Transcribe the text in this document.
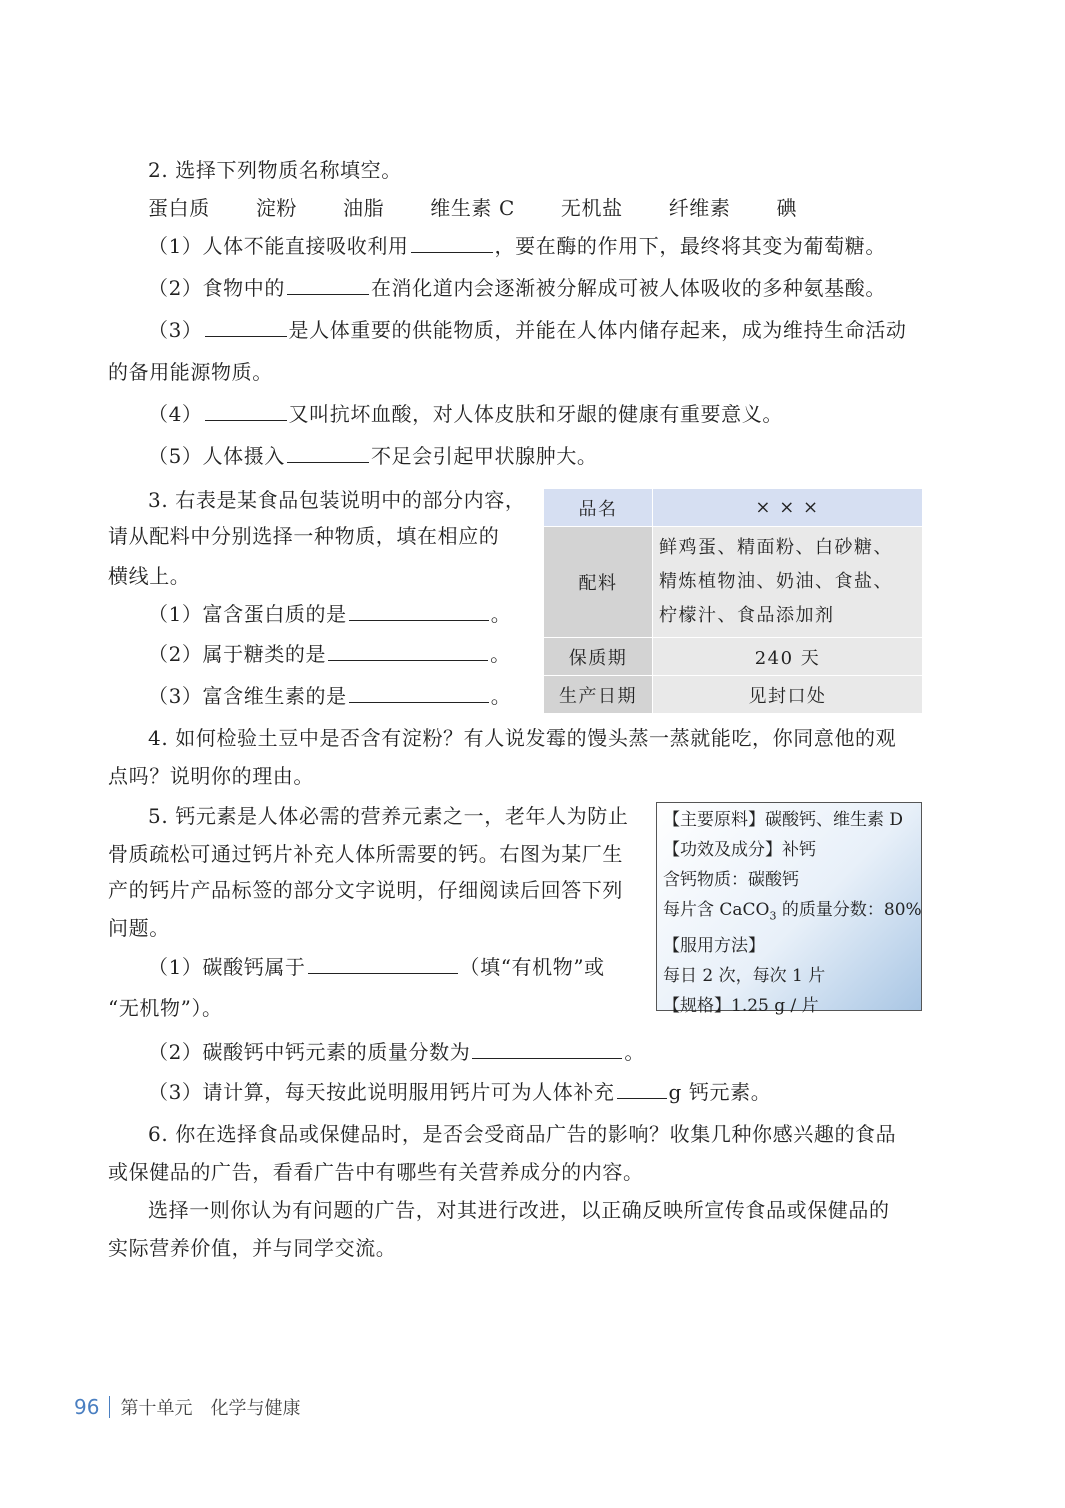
2. 选择下列物质名称填空。
蛋白质 淀粉 油脂 维生素 C 无机盐 纤维素 碘
（1）人体不能直接吸收利用	，要在酶的作用下，最终将其变为葡萄糖。
（2）食物中的	在消化道内会逐渐被分解成可被人体吸收的多种氨基酸。
（3）	是人体重要的供能物质，并能在人体内储存起来，成为维持生命活动
的备用能源物质。
（4）	又叫抗坏血酸，对人体皮肤和牙龈的健康有重要意义。
（5）人体摄入	不足会引起甲状腺肿大。
3. 右表是某食品包装说明中的部分内容，
请从配料中分别选择一种物质，填在相应的
横线上。
（1）富含蛋白质的是	。
（2）属于糖类的是	。
（3）富含维生素的是	。
品名	× × ×
配料	鲜鸡蛋、精面粉、白砂糖、
精炼植物油、奶油、食盐、
柠檬汁、食品添加剂

保质期	240 天
生产日期	见封口处
4. 如何检验土豆中是否含有淀粉？有人说发霉的馒头蒸一蒸就能吃，你同意他的观
点吗？说明你的理由。
5. 钙元素是人体必需的营养元素之一，老年人为防止
骨质疏松可通过钙片补充人体所需要的钙。右图为某厂生
产的钙片产品标签的部分文字说明，仔细阅读后回答下列
问题。
（1）碳酸钙属于	（填“有机物”或
“无机物”）。
（2）碳酸钙中钙元素的质量分数为	。
（3）请计算，每天按此说明服用钙片可为人体补充	g 钙元素。
【主要原料】碳酸钙、维生素 D
【功效及成分】补钙
含钙物质：碳酸钙
每片含 CaCO$_3$ 的质量分数：80%
【服用方法】
每日 2 次，每次 1 片
【规格】1.25 g / 片
6. 你在选择食品或保健品时，是否会受商品广告的影响？收集几种你感兴趣的食品
或保健品的广告，看看广告中有哪些有关营养成分的内容。
选择一则你认为有问题的广告，对其进行改进，以正确反映所宣传食品或保健品的
实际营养价值，并与同学交流。
96 第十单元　化学与健康
